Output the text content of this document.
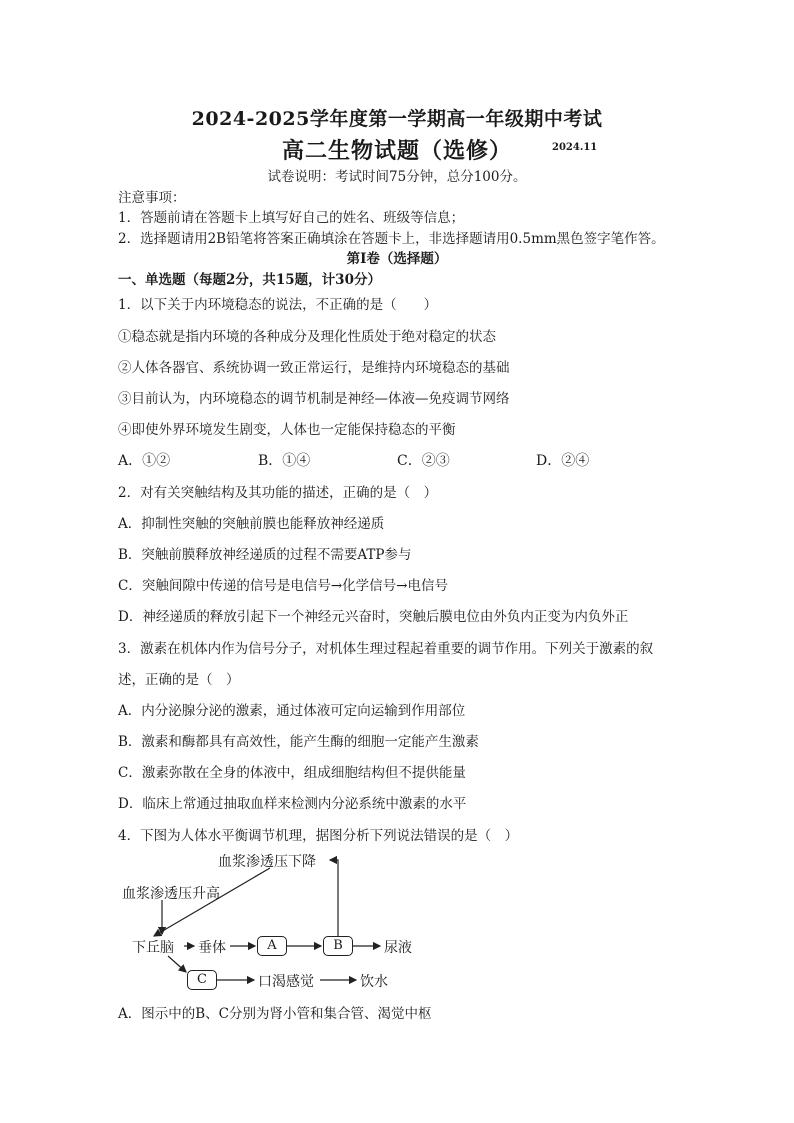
2024-2025学年度第一学期高一年级期中考试
高二生物试题（选修）	2024.11
试卷说明：考试时间75分钟，总分100分。
注意事项：
1．答题前请在答题卡上填写好自己的姓名、班级等信息；
2．选择题请用2B铅笔将答案正确填涂在答题卡上，非选择题请用0.5mm黑色签字笔作答。
第Ⅰ卷（选择题）
一、单选题（每题2分，共15题，计30分）
1．以下关于内环境稳态的说法，不正确的是（　　）
①稳态就是指内环境的各种成分及理化性质处于绝对稳定的状态
②人体各器官、系统协调一致正常运行，是维持内环境稳态的基础
③目前认为，内环境稳态的调节机制是神经—体液—免疫调节网络
④即使外界环境发生剧变，人体也一定能保持稳态的平衡
A．①②	B．①④	C．②③	D．②④
2．对有关突触结构及其功能的描述，正确的是（　）
A．抑制性突触的突触前膜也能释放神经递质
B．突触前膜释放神经递质的过程不需要ATP参与
C．突触间隙中传递的信号是电信号→化学信号→电信号
D．神经递质的释放引起下一个神经元兴奋时，突触后膜电位由外负内正变为内负外正
3．激素在机体内作为信号分子，对机体生理过程起着重要的调节作用。下列关于激素的叙
述，正确的是（　）
A．内分泌腺分泌的激素，通过体液可定向运输到作用部位
B．激素和酶都具有高效性，能产生酶的细胞一定能产生激素
C．激素弥散在全身的体液中，组成细胞结构但不提供能量
D．临床上常通过抽取血样来检测内分泌系统中激素的水平
4．下图为人体水平衡调节机理，据图分析下列说法错误的是（　）
血浆渗透压下降
血浆渗透压升高
下丘脑 垂体	A	B	尿液
C	口渴感觉	饮水
A．图示中的B、C分别为肾小管和集合管、渴觉中枢
